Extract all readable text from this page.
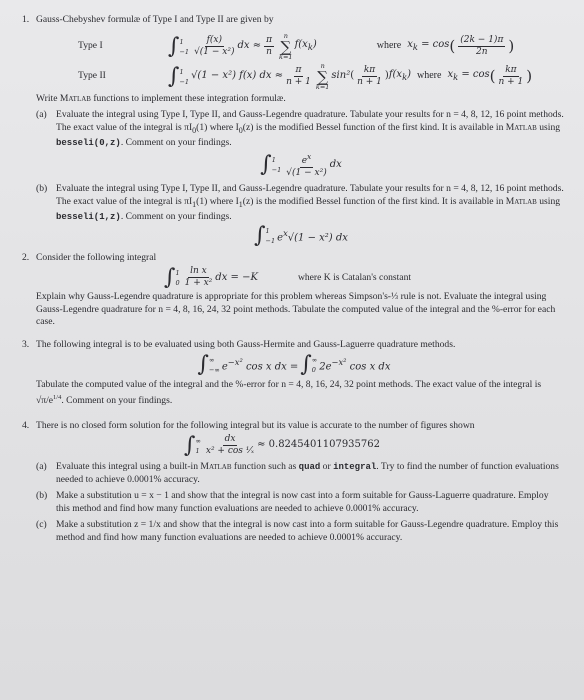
1. Gauss-Chebyshev formulæ of Type I and Type II are given by
Type I	∫ 1
$-1 \frac{f(x)}{\text{√(1 − x²)}}$ dx ≈ $\frac{\pi}{n}$ n
∑
k=1
$f(x_k)$	where $x_k = \cos$ ( $\frac{(2k - 1)\pi}{2n}$ )
Type II	∫ 1
−1
√(1 − x²) f(x) dx ≈ $\frac{\pi}{n + 1}$ n
∑
k=1
sin² ( $\frac{k\pi}{n + 1}$ ) $f(x_k)$ where $x_k = \cos$ ( $\frac{k\pi}{n + 1}$ )
Write Matlab functions to implement these integration formulæ.
(a) Evaluate the integral using Type I, Type II, and Gauss-Legendre quadrature. Tabulate your results for n = 4, 8, 12, 16 point methods. The exact value of the integral is $\pi I_0(1)$ where $I_0(z)$ is the modified Bessel function of the first kind. It is available in Matlab using besseli(0,z). Comment on your findings.
∫ 1
$-1 \frac{e^x}{\text{√(1 − x²)}}$ dx
(b) Evaluate the integral using Type I, Type II, and Gauss-Legendre quadrature. Tabulate your results for n = 4, 8, 12, 16 point methods. The exact value of the integral is $\pi I_1(1)$ where $I_1(z)$ is the modified Bessel function of the first kind. It is available in Matlab using besseli(1,z). Comment on your findings.
∫ 1
−1 $e^x√(1 - x^2)$ dx
2. Consider the following integral
∫ 1
$0 \frac{\text{ln x}}{\text{1 + x²}}$ dx = −K	where K is Catalan's constant
Explain why Gauss-Legendre quadrature is appropriate for this problem whereas Simpson's-⅓ rule is not. Evaluate the integral using Gauss-Legendre quadrature for n = 4, 8, 16, 24, 32 point methods. Tabulate the computed value of the integral and the %-error for each case.
3. The following integral is to be evaluated using both Gauss-Hermite and Gauss-Laguerre quadrature methods.
∫ ∞
−∞ $e^{-x^2}$ cos x dx = ∫ ∞
0 $2e^{-x^2}$ cos x dx
Tabulate the computed value of the integral and the %-error for n = 4, 8, 16, 24, 32 point methods. The exact value of the integral is $√\pi/e^{1/4}$. Comment on your findings.
4. There is no closed form solution for the following integral but its value is accurate to the number of figures shown
∫ ∞
$1 \frac{dx}{\text{x² + cos ¹⁄ₓ}} \approx 0.8245401107935762$
(a) Evaluate this integral using a built-in Matlab function such as quad or integral. Try to find the number of function evaluations needed to achieve 0.0001% accuracy.
(b) Make a substitution u = x − 1 and show that the integral is now cast into a form suitable for Gauss-Laguerre quadrature. Employ this method and find how many function evaluations are needed to achieve 0.0001% accuracy.
(c) Make a substitution z = 1/x and show that the integral is now cast into a form suitable for Gauss-Legendre quadrature. Employ this method and find how many function evaluations are needed to achieve 0.0001% accuracy.
